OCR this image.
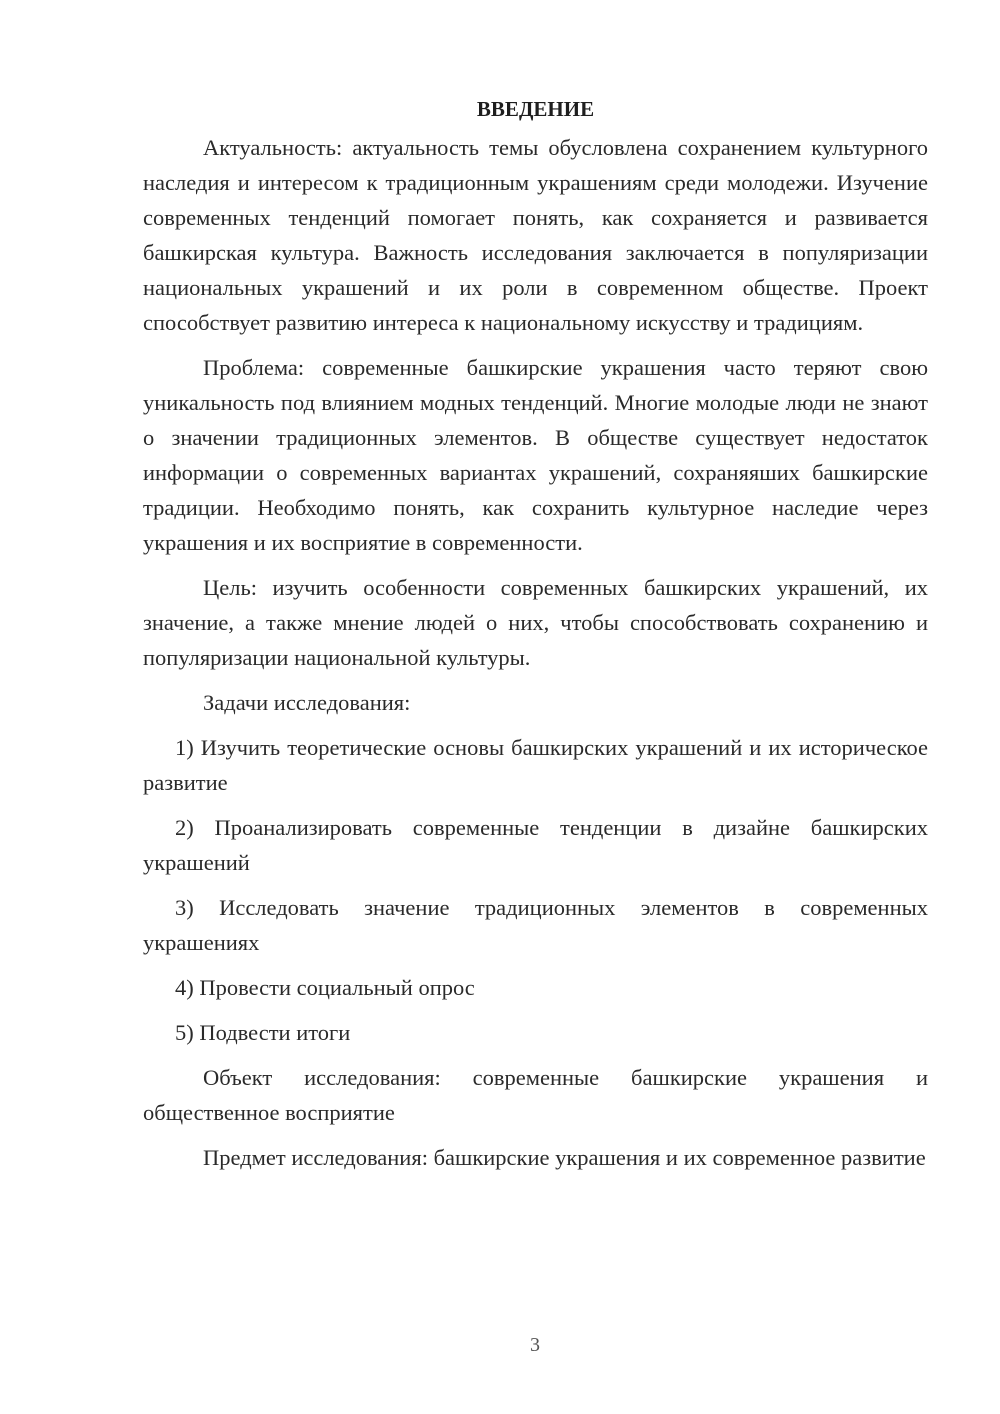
ВВЕДЕНИЕ

Актуальность: актуальность темы обусловлена сохранением культурного наследия и интересом к традиционным украшениям среди молодежи. Изучение современных тенденций помогает понять, как сохраняется и развивается башкирская культура. Важность исследования заключается в популяризации национальных украшений и их роли в современном обществе. Проект способствует развитию интереса к национальному искусству и традициям.

Проблема: современные башкирские украшения часто теряют свою уникальность под влиянием модных тенденций. Многие молодые люди не знают о значении традиционных элементов. В обществе существует недостаток информации о современных вариантах украшений, сохраняяших башкирские традиции. Необходимо понять, как сохранить культурное наследие через украшения и их восприятие в современности.

Цель: изучить особенности современных башкирских украшений, их значение, а также мнение людей о них, чтобы способствовать сохранению и популяризации национальной культуры.

Задачи исследования:

1) Изучить теоретические основы башкирских украшений и их историческое развитие
2) Проанализировать современные тенденции в дизайне башкирских украшений
3) Исследовать значение традиционных элементов в современных украшениях
4) Провести социальный опрос
5) Подвести итоги

Объект исследования: современные башкирские украшения и общественное восприятие

Предмет исследования: башкирские украшения и их современное развитие

3
